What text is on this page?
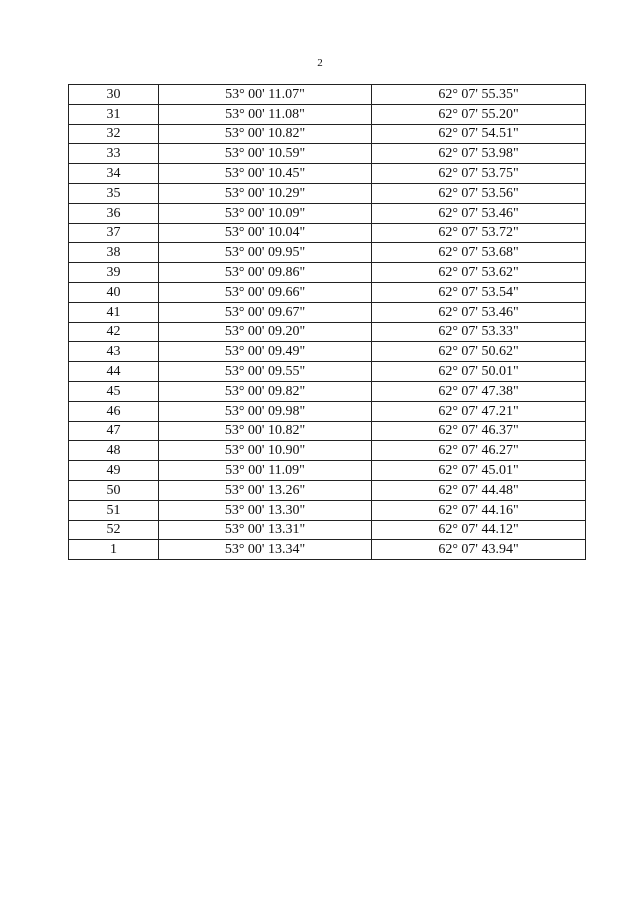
2
30	53° 00' 11.07"	62° 07' 55.35"
31	53° 00' 11.08"	62° 07' 55.20"
32	53° 00' 10.82"	62° 07' 54.51"
33	53° 00' 10.59"	62° 07' 53.98"
34	53° 00' 10.45"	62° 07' 53.75"
35	53° 00' 10.29"	62° 07' 53.56"
36	53° 00' 10.09"	62° 07' 53.46"
37	53° 00' 10.04"	62° 07' 53.72"
38	53° 00' 09.95"	62° 07' 53.68"
39	53° 00' 09.86"	62° 07' 53.62"
40	53° 00' 09.66"	62° 07' 53.54"
41	53° 00' 09.67"	62° 07' 53.46"
42	53° 00' 09.20"	62° 07' 53.33"
43	53° 00' 09.49"	62° 07' 50.62"
44	53° 00' 09.55"	62° 07' 50.01"
45	53° 00' 09.82"	62° 07' 47.38"
46	53° 00' 09.98"	62° 07' 47.21"
47	53° 00' 10.82"	62° 07' 46.37"
48	53° 00' 10.90"	62° 07' 46.27"
49	53° 00' 11.09"	62° 07' 45.01"
50	53° 00' 13.26"	62° 07' 44.48"
51	53° 00' 13.30"	62° 07' 44.16"
52	53° 00' 13.31"	62° 07' 44.12"
1	53° 00' 13.34"	62° 07' 43.94"
